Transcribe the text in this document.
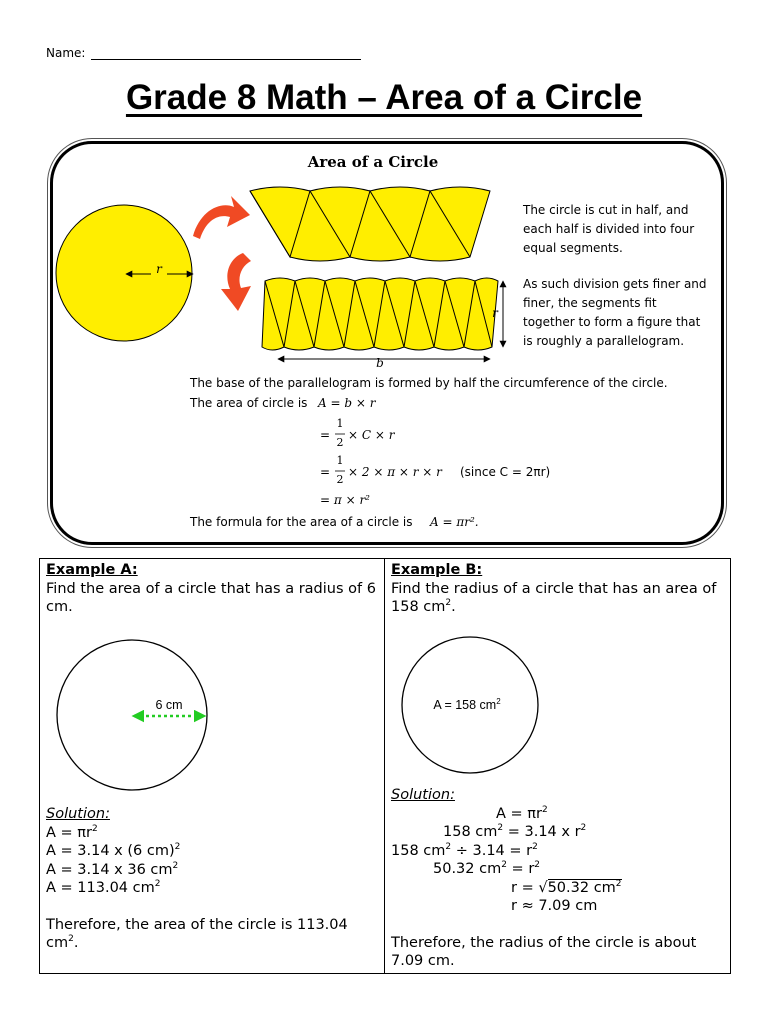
Name:
Grade 8 Math – Area of a Circle
Area of a Circle
r
r
b
The circle is cut in half, and
each half is divided into four
equal segments.
As such division gets finer and
finer, the segments fit
together to form a figure that
is roughly a parallelogram.
The base of the parallelogram is formed by half the circumference of the circle.
The area of circle is A = b × r
=
1
2
× C × r
=
1
2
× 2 × π × r × r (since C = 2πr)
= π × r²
The formula for the area of a circle is A = πr².
Example A:
Find the area of a circle that has a radius of 6 cm.
6 cm
Solution:
$A = \pi r^2$
A = 3.14 x (6 cm)$^2$
A = 3.14 x 36 $cm^2$
A = 113.04 $cm^2$
Therefore, the area of the circle is 113.04 $cm^2$.
Example B:
Find the radius of a circle that has an area of 158 $cm^2$.
A = 158 $cm^2$
Solution:
$A = \pi r^2$
158 $cm^2 = 3.14$ x $r^2$
158 $cm^2 \div 3.14 = r^2$
50.32 $cm^2 = r^2$
r = √50.32 $cm^2$
r ≈ 7.09 cm
Therefore, the radius of the circle is about 7.09 cm.
